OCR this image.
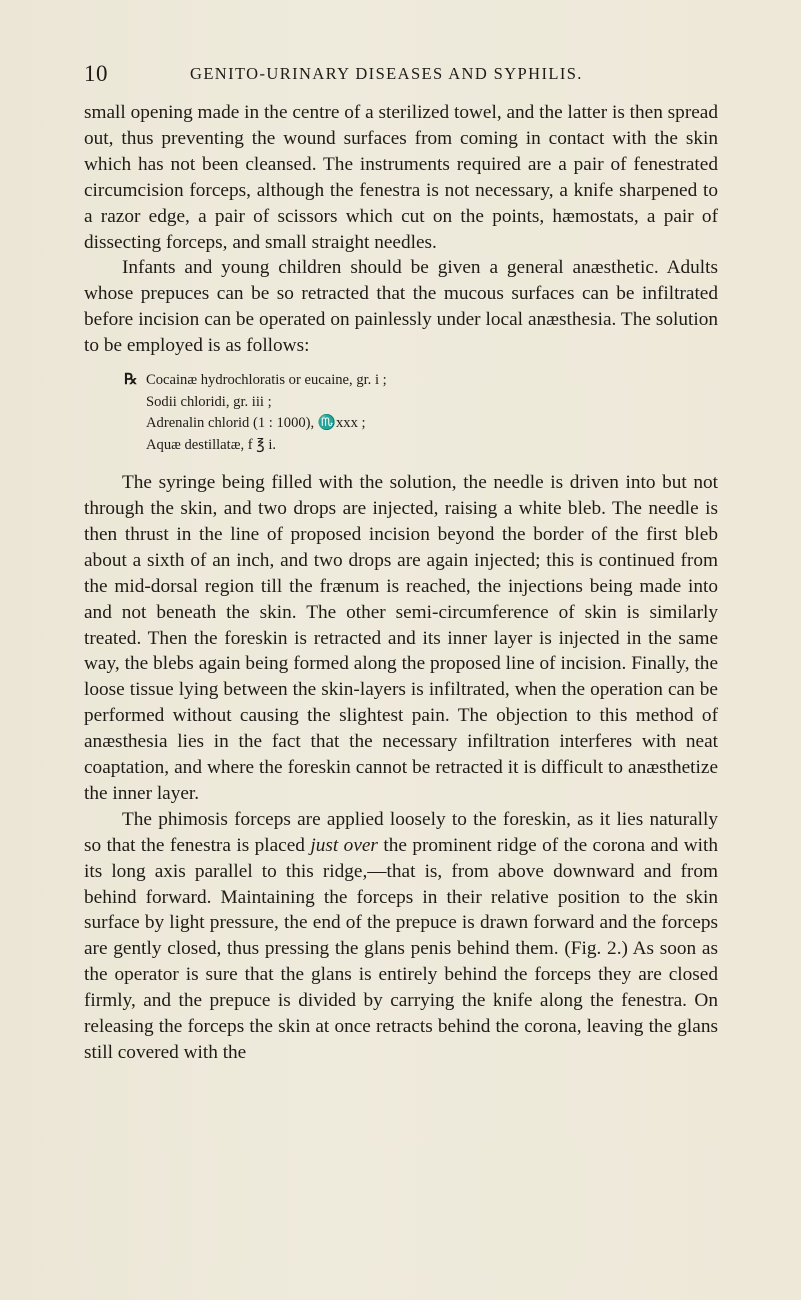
10	GENITO-URINARY DISEASES AND SYPHILIS.

small opening made in the centre of a sterilized towel, and the latter is then spread out, thus preventing the wound surfaces from coming in contact with the skin which has not been cleansed. The instruments required are a pair of fenestrated circumcision forceps, although the fenestra is not necessary, a knife sharpened to a razor edge, a pair of scissors which cut on the points, hæmostats, a pair of dissecting forceps, and small straight needles.

Infants and young children should be given a general anæsthetic. Adults whose prepuces can be so retracted that the mucous surfaces can be infiltrated before incision can be operated on painlessly under local anæsthesia. The solution to be employed is as follows:

℞ Cocainæ hydrochloratis or eucaine, gr. i ;
Sodii chloridi, gr. iii ;
Adrenalin chlorid (1 : 1000), ♏xxx ;
Aquæ destillatæ, f ℥ i.

The syringe being filled with the solution, the needle is driven into but not through the skin, and two drops are injected, raising a white bleb. The needle is then thrust in the line of proposed incision beyond the border of the first bleb about a sixth of an inch, and two drops are again injected; this is continued from the mid-dorsal region till the frænum is reached, the injections being made into and not beneath the skin. The other semi-circumference of skin is similarly treated. Then the foreskin is retracted and its inner layer is injected in the same way, the blebs again being formed along the proposed line of incision. Finally, the loose tissue lying between the skin-layers is infiltrated, when the operation can be performed without causing the slightest pain. The objection to this method of anæsthesia lies in the fact that the necessary infiltration interferes with neat coaptation, and where the foreskin cannot be retracted it is difficult to anæsthetize the inner layer.

The phimosis forceps are applied loosely to the foreskin, as it lies naturally so that the fenestra is placed just over the prominent ridge of the corona and with its long axis parallel to this ridge,—that is, from above downward and from behind forward. Maintaining the forceps in their relative position to the skin surface by light pressure, the end of the prepuce is drawn forward and the forceps are gently closed, thus pressing the glans penis behind them. (Fig. 2.) As soon as the operator is sure that the glans is entirely behind the forceps they are closed firmly, and the prepuce is divided by carrying the knife along the fenestra. On releasing the forceps the skin at once retracts behind the corona, leaving the glans still covered with the
